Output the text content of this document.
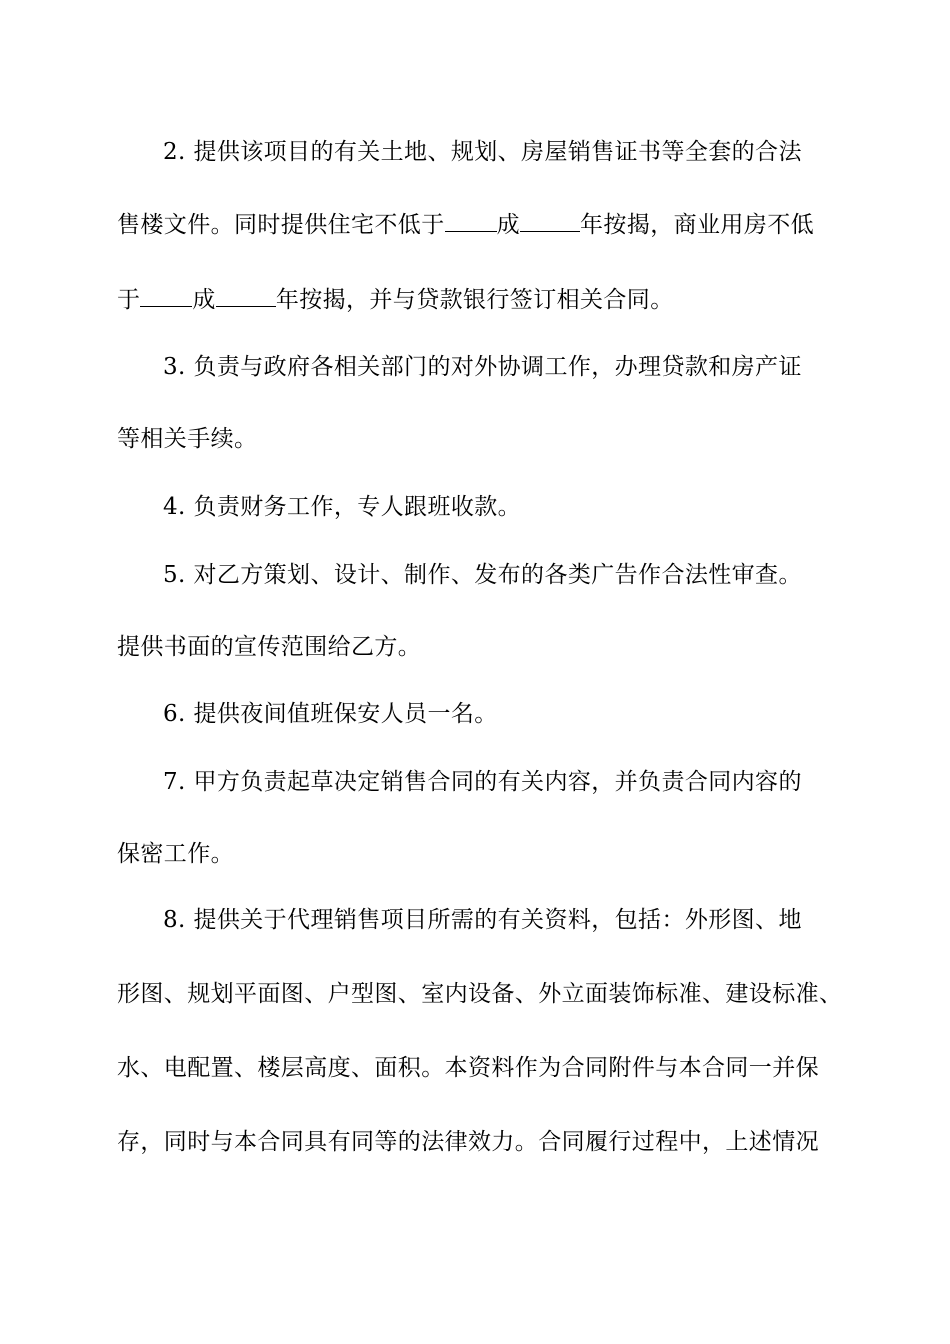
2. 提供该项目的有关土地、规划、房屋销售证书等全套的合法
售楼文件。同时提供住宅不低于 成	年按揭，商业用房不低
于 成	年按揭，并与贷款银行签订相关合同。
3. 负责与政府各相关部门的对外协调工作，办理贷款和房产证
等相关手续。
4. 负责财务工作，专人跟班收款。
5. 对乙方策划、设计、制作、发布的各类广告作合法性审查。
提供书面的宣传范围给乙方。
6. 提供夜间值班保安人员一名。
7. 甲方负责起草决定销售合同的有关内容，并负责合同内容的
保密工作。
8. 提供关于代理销售项目所需的有关资料，包括：外形图、地
形图、规划平面图、户型图、室内设备、外立面装饰标准、建设标准、
水、电配置、楼层高度、面积。本资料作为合同附件与本合同一并保
存，同时与本合同具有同等的法律效力。合同履行过程中，上述情况
